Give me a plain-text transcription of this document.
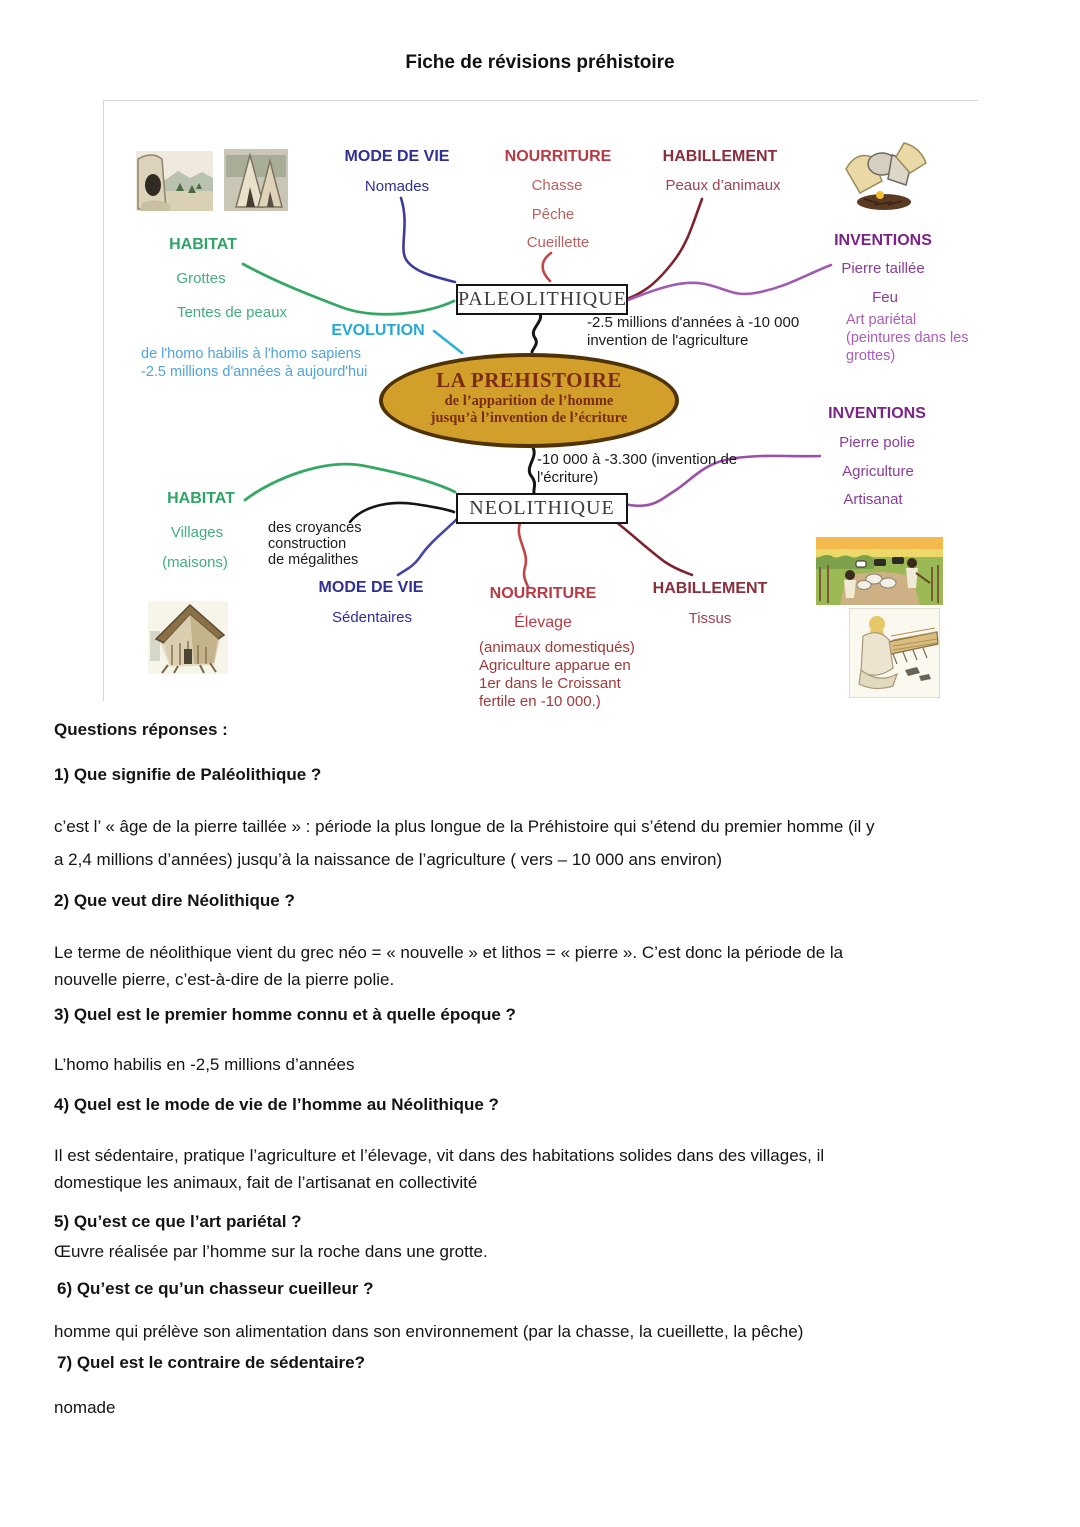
Fiche de révisions préhistoire
MODE DE VIE
Nomades
NOURRITURE
Chasse
Pêche
Cueillette
HABILLEMENT
Peaux d’animaux
HABITAT
Grottes
Tentes de peaux
EVOLUTION
de l'homo habilis à l'homo sapiens
-2.5 millions d'années à aujourd'hui
PALEOLITHIQUE
-2.5 millions d'années à -10 000
invention de l'agriculture
INVENTIONS
Pierre taillée
Feu
Art pariétal
(peintures dans les
grottes)
LA PREHISTOIRE
de l’apparition de l’homme
jusqu’à l’invention de l’écriture
-10 000 à -3.300 (invention de
l'écriture)
NEOLITHIQUE
HABITAT
Villages
(maisons)
des croyances
construction
de mégalithes
MODE DE VIE
Sédentaires
NOURRITURE
Élevage
(animaux domestiqués)
Agriculture apparue en
1er dans le Croissant
fertile en -10 000.)
HABILLEMENT
Tissus
INVENTIONS
Pierre polie
Agriculture
Artisanat
Questions réponses :
1) Que signifie de Paléolithique ?
c’est l’ « âge de la pierre taillée » : période la plus longue de la Préhistoire qui s’étend du premier homme (il y
a 2,4 millions d’années) jusqu’à la naissance de l’agriculture ( vers – 10 000 ans environ)
2) Que veut dire Néolithique ?
Le terme de néolithique vient du grec néo = « nouvelle » et lithos = « pierre ». C’est donc la période de la
nouvelle pierre, c’est-à-dire de la pierre polie.
3) Quel est le premier homme connu et à quelle époque ?
L’homo habilis en -2,5 millions d’années
4) Quel est le mode de vie de l’homme au Néolithique ?
Il est sédentaire, pratique l’agriculture et l’élevage, vit dans des habitations solides dans des villages, il
domestique les animaux, fait de l’artisanat en collectivité
5) Qu’est ce que l’art pariétal ?
Œuvre réalisée par l’homme sur la roche dans une grotte.
6) Qu’est ce qu’un chasseur cueilleur ?
homme qui prélève son alimentation dans son environnement (par la chasse, la cueillette, la pêche)
7) Quel est le contraire de sédentaire?
nomade
